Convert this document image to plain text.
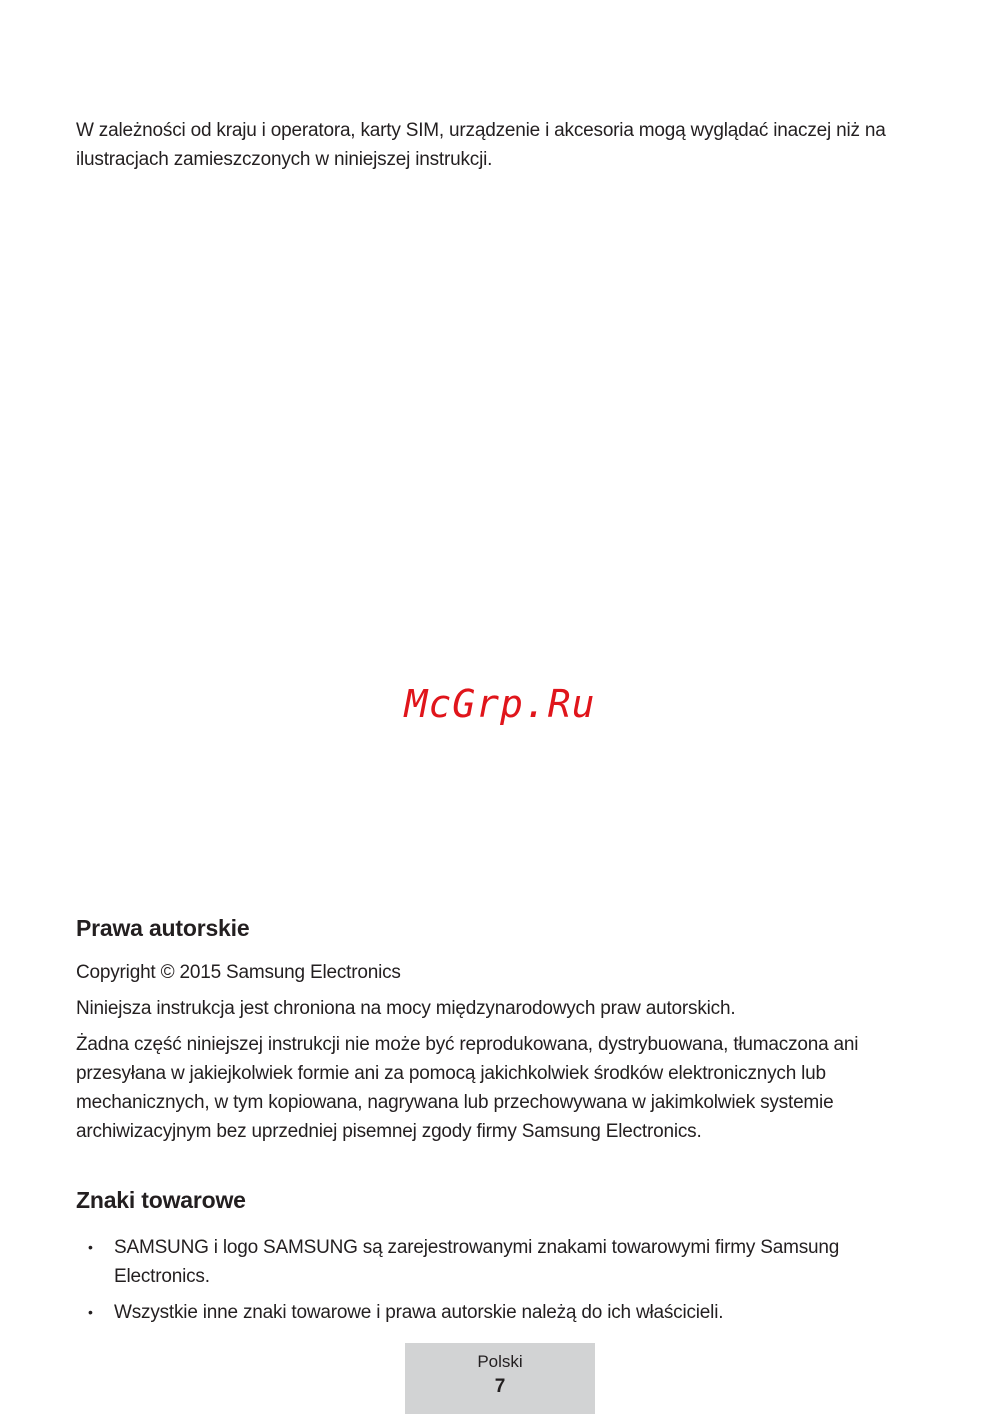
W zależności od kraju i operatora, karty SIM, urządzenie i akcesoria mogą wyglądać inaczej niż na ilustracjach zamieszczonych w niniejszej instrukcji.

McGrp.Ru
Prawa autorskie

Copyright © 2015 Samsung Electronics

Niniejsza instrukcja jest chroniona na mocy międzynarodowych praw autorskich.

Żadna część niniejszej instrukcji nie może być reprodukowana, dystrybuowana, tłumaczona ani przesyłana w jakiejkolwiek formie ani za pomocą jakichkolwiek środków elektronicznych lub mechanicznych, w tym kopiowana, nagrywana lub przechowywana w jakimkolwiek systemie archiwizacyjnym bez uprzedniej pisemnej zgody firmy Samsung Electronics.

Znaki towarowe
• SAMSUNG i logo SAMSUNG są zarejestrowanymi znakami towarowymi firmy Samsung Electronics.
• Wszystkie inne znaki towarowe i prawa autorskie należą do ich właścicieli.
Polski
7
